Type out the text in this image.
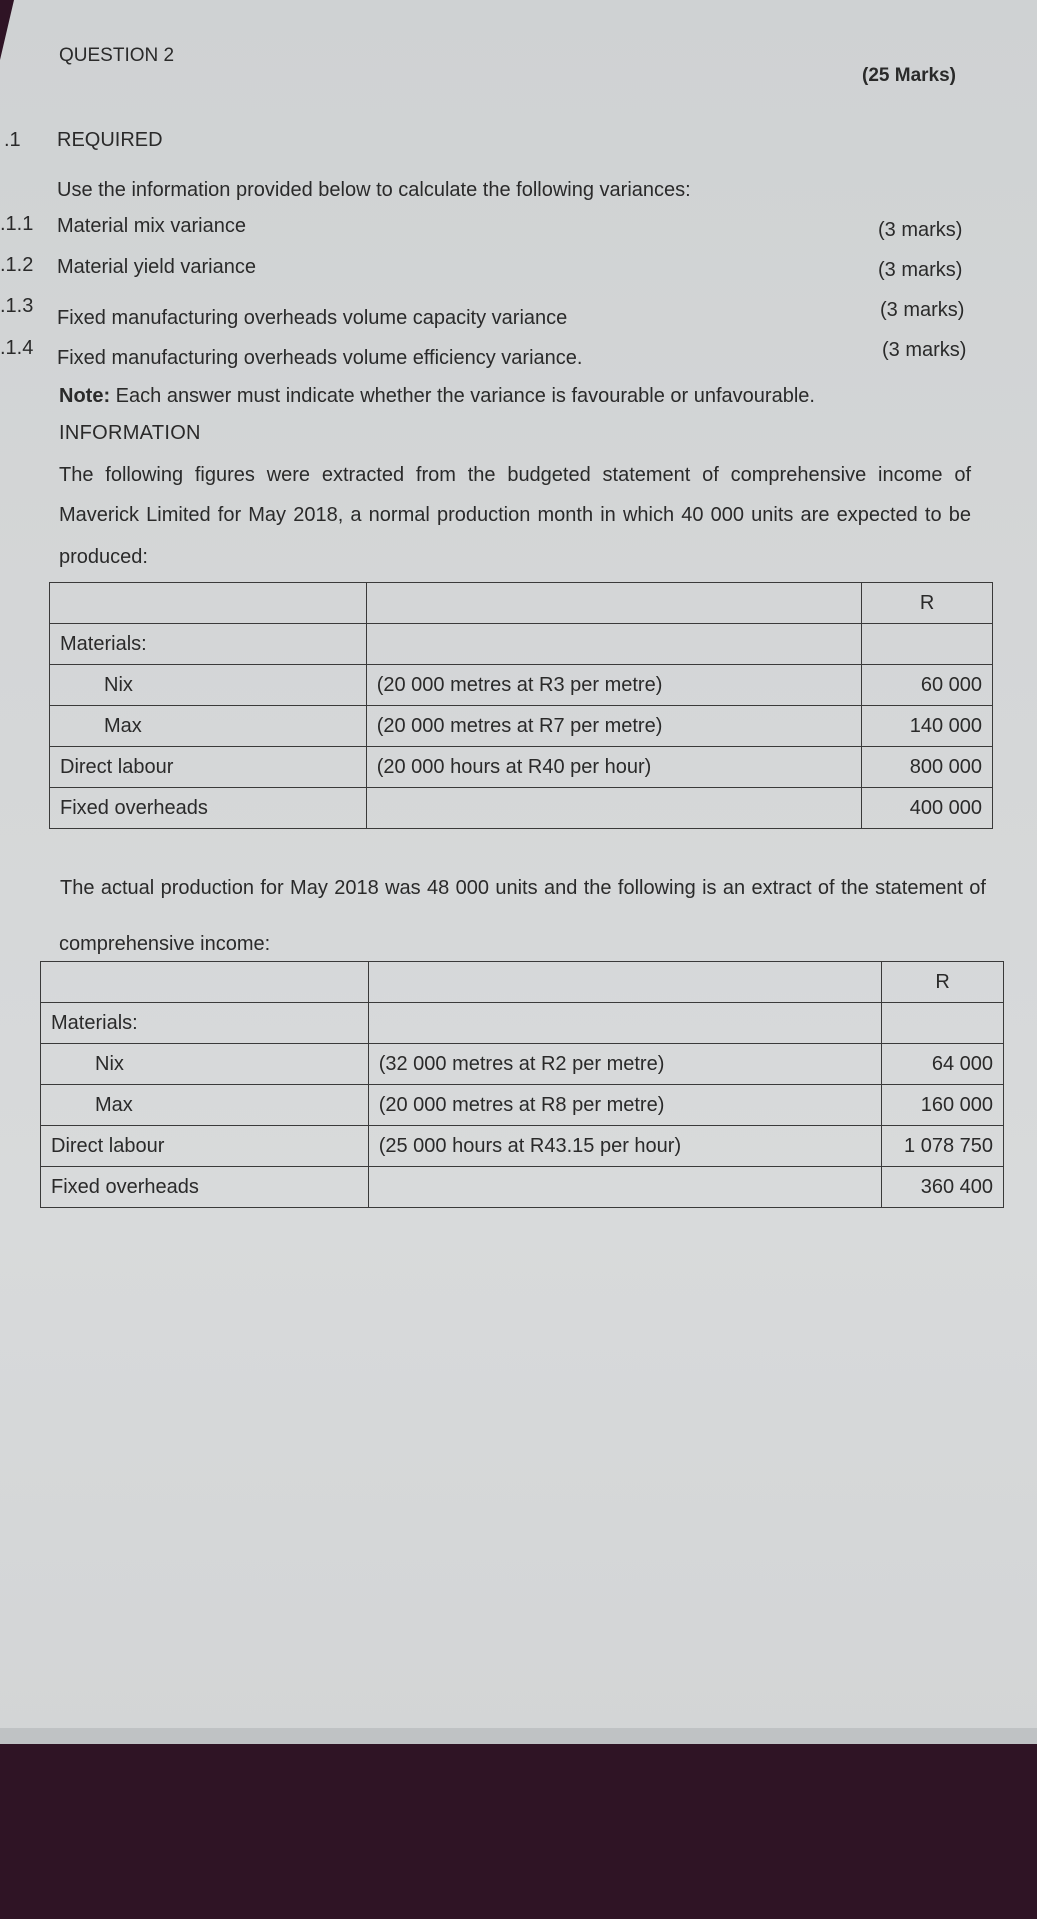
QUESTION 2
(25 Marks)
.1 REQUIRED
Use the information provided below to calculate the following variances:
.1.1 Material mix variance	(3 marks)
.1.2 Material yield variance	(3 marks)
.1.3
Fixed manufacturing overheads volume capacity variance	(3 marks)
.1.4 Fixed manufacturing overheads volume efficiency variance.	(3 marks)
Note: Each answer must indicate whether the variance is favourable or unfavourable.
INFORMATION
The following figures were extracted from the budgeted statement of comprehensive income of
Maverick Limited for May 2018, a normal production month in which 40 000 units are expected to be
produced:
		R
Materials:		
Nix	(20 000 metres at R3 per metre)	60 000
Max	(20 000 metres at R7 per metre)	140 000
Direct labour	(20 000 hours at R40 per hour)	800 000
Fixed overheads		400 000
The actual production for May 2018 was 48 000 units and the following is an extract of the statement of
comprehensive income:
		R
Materials:		
Nix	(32 000 metres at R2 per metre)	64 000
Max	(20 000 metres at R8 per metre)	160 000
Direct labour	(25 000 hours at R43.15 per hour)	1 078 750
Fixed overheads		360 400
